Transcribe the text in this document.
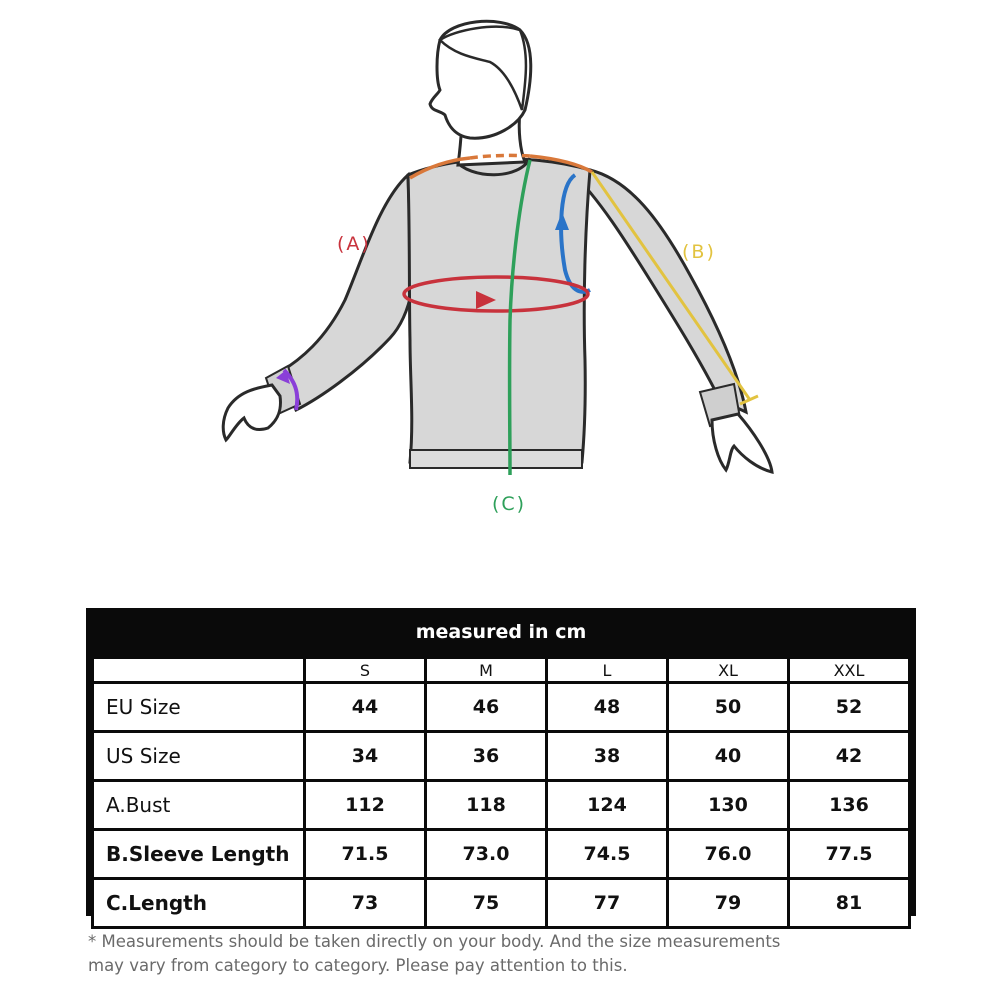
(A)	(B)
(C)
measured in cm
	S	M	L	XL	XXL
EU Size	44	46	48	50	52
US Size	34	36	38	40	42
A.Bust	112	118	124	130	136
B.Sleeve Length	71.5	73.0	74.5	76.0	77.5
C.Length	73	75	77	79	81
* Measurements should be taken directly on your body. And the size measurements
may vary from category to category. Please pay attention to this.
